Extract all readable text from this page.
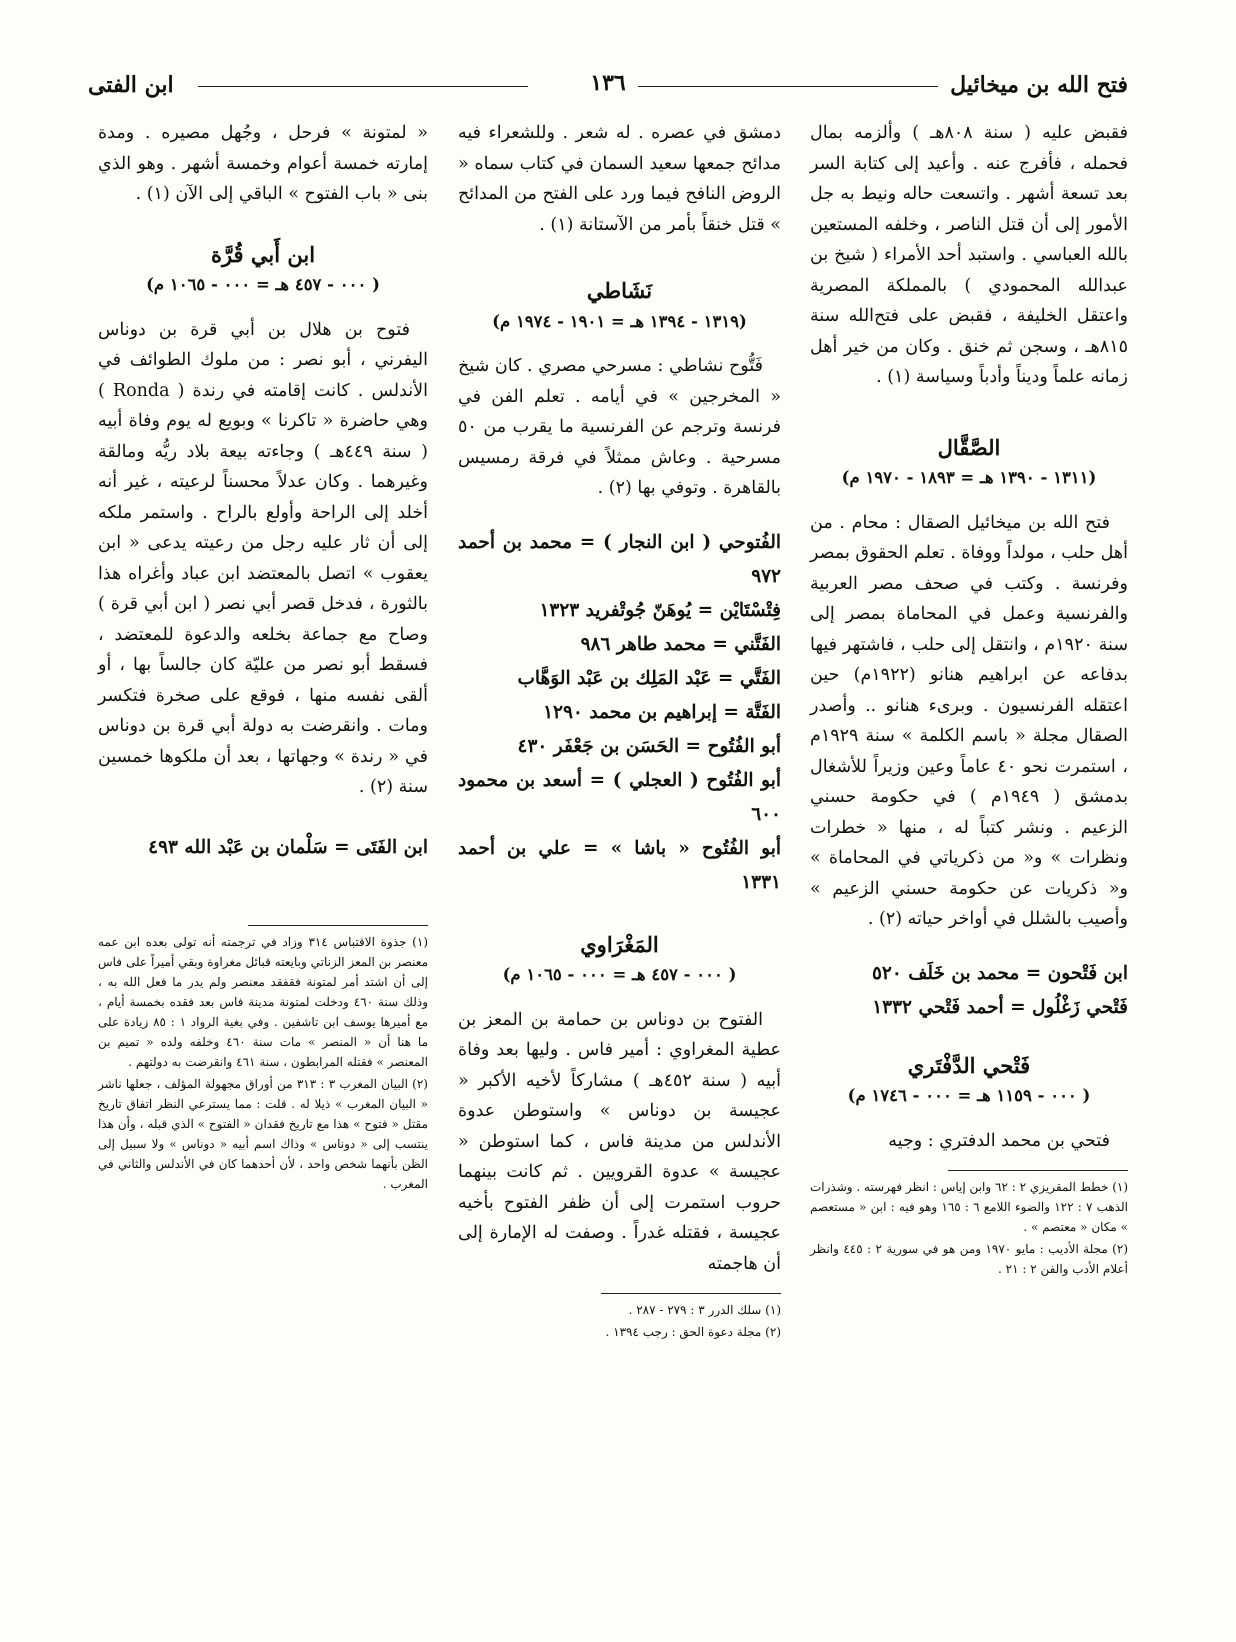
فتح الله بن ميخائيل
١٣٦
ابن الفتى

فقبض عليه ( سنة ٨٠٨هـ ) وألزمه بمال فحمله ، فأفرج عنه . وأعيد إلى كتابة السر بعد تسعة أشهر . واتسعت حاله ونيط به جل الأمور إلى أن قتل الناصر ، وخلفه المستعين بالله العباسي . واستبد أحد الأمراء ( شيخ بن عبدالله المحمودي ) بالمملكة المصرية واعتقل الخليفة ، فقبض على فتح‌الله سنة ٨١٥هـ ، وسجن ثم خنق . وكان من خير أهل زمانه علماً وديناً وأدباً وسياسة (١) .

الصَّقَّال
(١٣١١ - ١٣٩٠ هـ = ١٨٩٣ - ١٩٧٠ م)

فتح الله بن ميخائيل الصقال : محام . من أهل حلب ، مولداً ووفاة . تعلم الحقوق بمصر وفرنسة . وكتب في صحف مصر العربية والفرنسية وعمل في المحاماة بمصر إلى سنة ١٩٢٠م ، وانتقل إلى حلب ، فاشتهر فيها بدفاعه عن ابراهيم هنانو (١٩٢٢م) حين اعتقله الفرنسيون . وبرىء هنانو .. وأصدر الصقال مجلة « باسم الكلمة » سنة ١٩٢٩م ، استمرت نحو ٤٠ عاماً وعين وزيراً للأشغال بدمشق ( ١٩٤٩م ) في حكومة حسني الزعيم . ونشر كتباً له ، منها « خطرات ونظرات » و« من ذكرياتي في المحاماة » و« ذكريات عن حكومة حسني الزعيم » وأصيب بالشلل في أواخر حياته (٢) .

ابن فَتْحون = محمد بن خَلَف ٥٢٠
فَتْحي زَغْلُول = أحمد فَتْحي ١٣٣٢
فَتْحي الدَّفْتَري
( ٠٠٠ - ١١٥٩ هـ = ٠٠٠ - ١٧٤٦ م)

فتحي بن محمد الدفتري : وجيه

(١) خطط المقريزي ٢ : ٦٢ وابن إياس : انظر فهرسته . وشذرات الذهب ٧ : ١٢٢ والضوء اللامع ٦ : ١٦٥ وهو فيه : ابن « مستعصم » مكان « معتصم » .

(٢) مجلة الأديب : مايو ١٩٧٠ ومن هو في سورية ٢ : ٤٤٥ وانظر أعلام الأدب والفن ٢ : ٢١ .

دمشق في عصره . له شعر . وللشعراء فيه مدائح جمعها سعيد السمان في كتاب سماه « الروض النافح فيما ورد على الفتح من المدائح » قتل خنقاً بأمر من الآستانة (١) .

نَشَاطي
(١٣١٩ - ١٣٩٤ هـ = ١٩٠١ - ١٩٧٤ م)

فَتُّوح نشاطي : مسرحي مصري . كان شيخ « المخرجين » في أيامه . تعلم الفن في فرنسة وترجم عن الفرنسية ما يقرب من ٥٠ مسرحية . وعاش ممثلاً في فرقة رمسيس بالقاهرة . وتوفي بها (٢) .

الفُتوحي ( ابن النجار ) = محمد بن أحمد ٩٧٢
فِتْسْتَايْن = يُوهَنّ جُوتْفريد ١٣٢٣
الفَتَّني = محمد طاهر ٩٨٦
الفَتَّي = عَبْد المَلِك بن عَبْد الوَهَّاب
الفَتَّة = إبراهيم بن محمد ١٢٩٠
أبو الفُتُوح = الحَسَن بن جَعْفَر ٤٣٠
أبو الفُتُوح ( العجلي ) = أسعد بن محمود ٦٠٠
أبو الفُتُوح « باشا » = علي بن أحمد ١٣٣١
المَغْرَاوي
( ٠٠٠ - ٤٥٧ هـ = ٠٠٠ - ١٠٦٥ م)

الفتوح بن دوناس بن حمامة بن المعز بن عطية المغراوي : أمير فاس . وليها بعد وفاة أبيه ( سنة ٤٥٢هـ ) مشاركاً لأخيه الأكبر « عجيسة بن دوناس » واستوطن عدوة الأندلس من مدينة فاس ، كما استوطن « عجيسة » عدوة القرويين . ثم كانت بينهما حروب استمرت إلى أن ظفر الفتوح بأخيه عجيسة ، فقتله غدراً . وصفت له الإمارة إلى أن هاجمته

(١) سلك الدرر ٣ : ٢٧٩ - ٢٨٧ .

(٢) مجلة دعوة الحق : رجب ١٣٩٤ .

« لمتونة » فرحل ، وجُهل مصيره . ومدة إمارته خمسة أعوام وخمسة أشهر . وهو الذي بنى « باب الفتوح » الباقي إلى الآن (١) .

ابن أَبي قُرَّة
( ٠٠٠ - ٤٥٧ هـ = ٠٠٠ - ١٠٦٥ م)

فتوح بن هلال بن أبي قرة بن دوناس اليفرني ، أبو نصر : من ملوك الطوائف في الأندلس . كانت إقامته في رندة ( Ronda ) وهي حاضرة « تاكرنا » وبويع له يوم وفاة أبيه ( سنة ٤٤٩هـ ) وجاءته بيعة بلاد ريُّه ومالقة وغيرهما . وكان عدلاً محسناً لرعيته ، غير أنه أخلد إلى الراحة وأولع بالراح . واستمر ملكه إلى أن ثار عليه رجل من رعيته يدعى « ابن يعقوب » اتصل بالمعتضد ابن عباد وأغراه هذا بالثورة ، فدخل قصر أبي نصر ( ابن أبي قرة ) وصاح مع جماعة بخلعه والدعوة للمعتضد ، فسقط أبو نصر من عليّة كان جالساً بها ، أو ألقى نفسه منها ، فوقع على صخرة فتكسر ومات . وانقرضت به دولة أبي قرة بن دوناس في « رندة » وجهاتها ، بعد أن ملكوها خمسين سنة (٢) .

ابن الفَتَى = سَلْمان بن عَبْد الله ٤٩٣

(١) جذوة الاقتباس ٣١٤ وزاد في ترجمته أنه تولى بعده ابن عمه معنصر بن المعز الزناتي وبايعته قبائل مغراوة وبقي أميراً على فاس إلى أن اشتد أمر لمتونة فقفقد معنصر ولم يدر ما فعل الله به ، وذلك سنة ٤٦٠ ودخلت لمتونة مدينة فاس بعد فقده بخمسة أيام ، مع أميرها يوسف ابن تاشفين . وفي بغية الرواد ١ : ٨٥ زيادة على ما هنا أن « المنصر » مات سنة ٤٦٠ وخلفه ولده « تميم بن المعنصر » فقتله المرابطون ، سنة ٤٦١ وانقرضت به دولتهم .

(٢) البيان المغرب ٣ : ٣١٣ من أوراق مجهولة المؤلف ، جعلها ناشر « البيان المغرب » ذيلا له . قلت : مما يسترعي النظر اتفاق تاريخ مقتل « فتوح » هذا مع تاريخ فقدان « الفتوح » الذي قبله ، وأن هذا ينتسب إلى « دوناس » وذاك اسم أبيه « دوناس » ولا سبيل إلى الظن بأنهما شخص واحد ، لأن أحدهما كان في الأندلس والثاني في المغرب .
